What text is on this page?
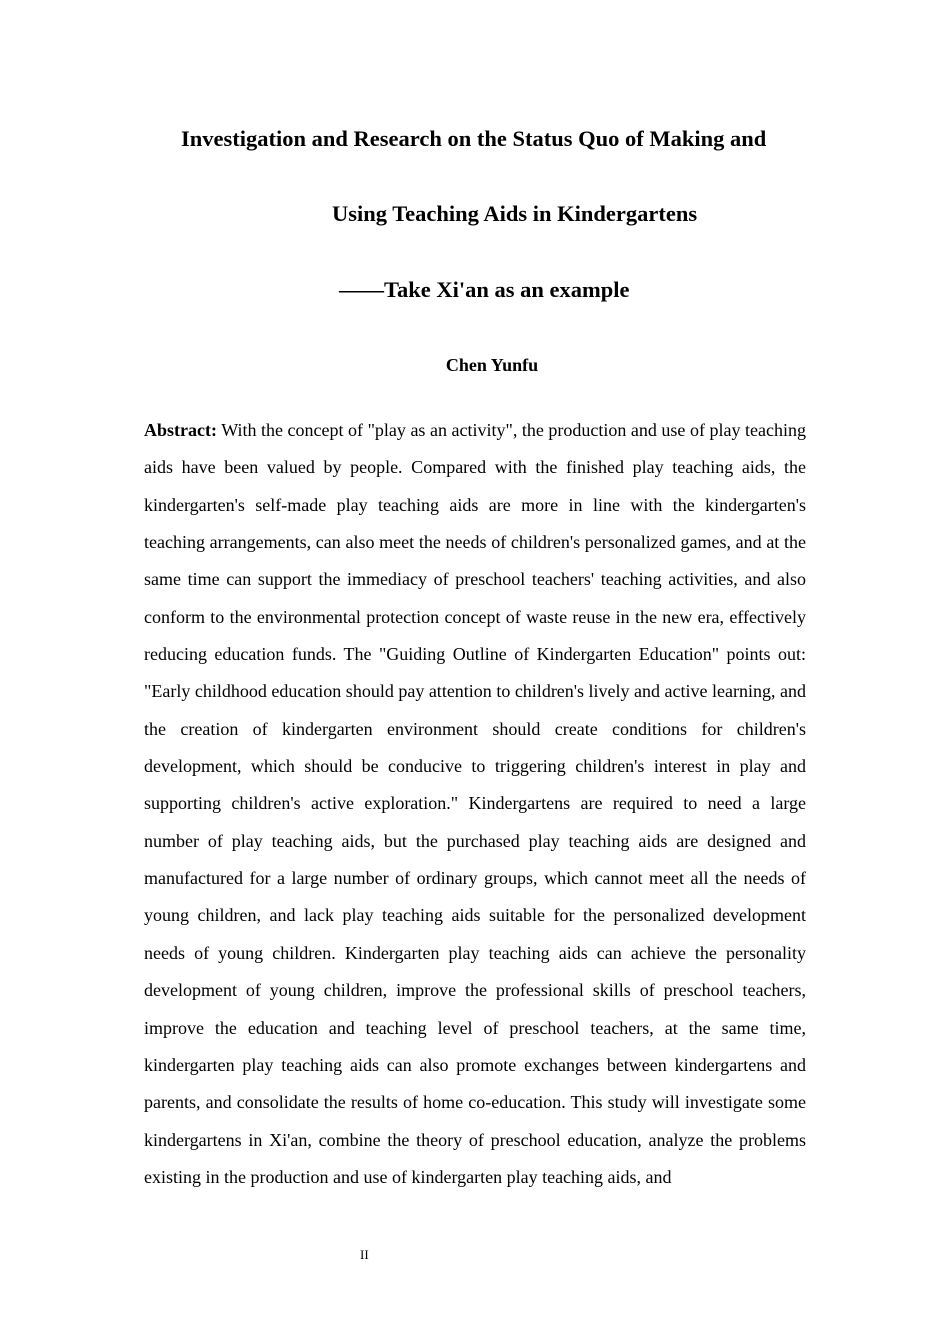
Investigation and Research on the Status Quo of Making and
Using Teaching Aids in Kindergartens
——Take Xi'an as an example
Chen Yunfu

Abstract: With the concept of "play as an activity", the production and use of play teaching aids have been valued by people. Compared with the finished play teaching aids, the kindergarten's self-made play teaching aids are more in line with the kindergarten's teaching arrangements, can also meet the needs of children's personalized games, and at the same time can support the immediacy of preschool teachers' teaching activities, and also conform to the environmental protection concept of waste reuse in the new era, effectively reducing education funds. The "Guiding Outline of Kindergarten Education" points out: "Early childhood education should pay attention to children's lively and active learning, and the creation of kindergarten environment should create conditions for children's development, which should be conducive to triggering children's interest in play and supporting children's active exploration." Kindergartens are required to need a large number of play teaching aids, but the purchased play teaching aids are designed and manufactured for a large number of ordinary groups, which cannot meet all the needs of young children, and lack play teaching aids suitable for the personalized development needs of young children. Kindergarten play teaching aids can achieve the personality development of young children, improve the professional skills of preschool teachers, improve the education and teaching level of preschool teachers, at the same time, kindergarten play teaching aids can also promote exchanges between kindergartens and parents, and consolidate the results of home co-education. This study will investigate some kindergartens in Xi'an, combine the theory of preschool education, analyze the problems existing in the production and use of kindergarten play teaching aids, and

II
